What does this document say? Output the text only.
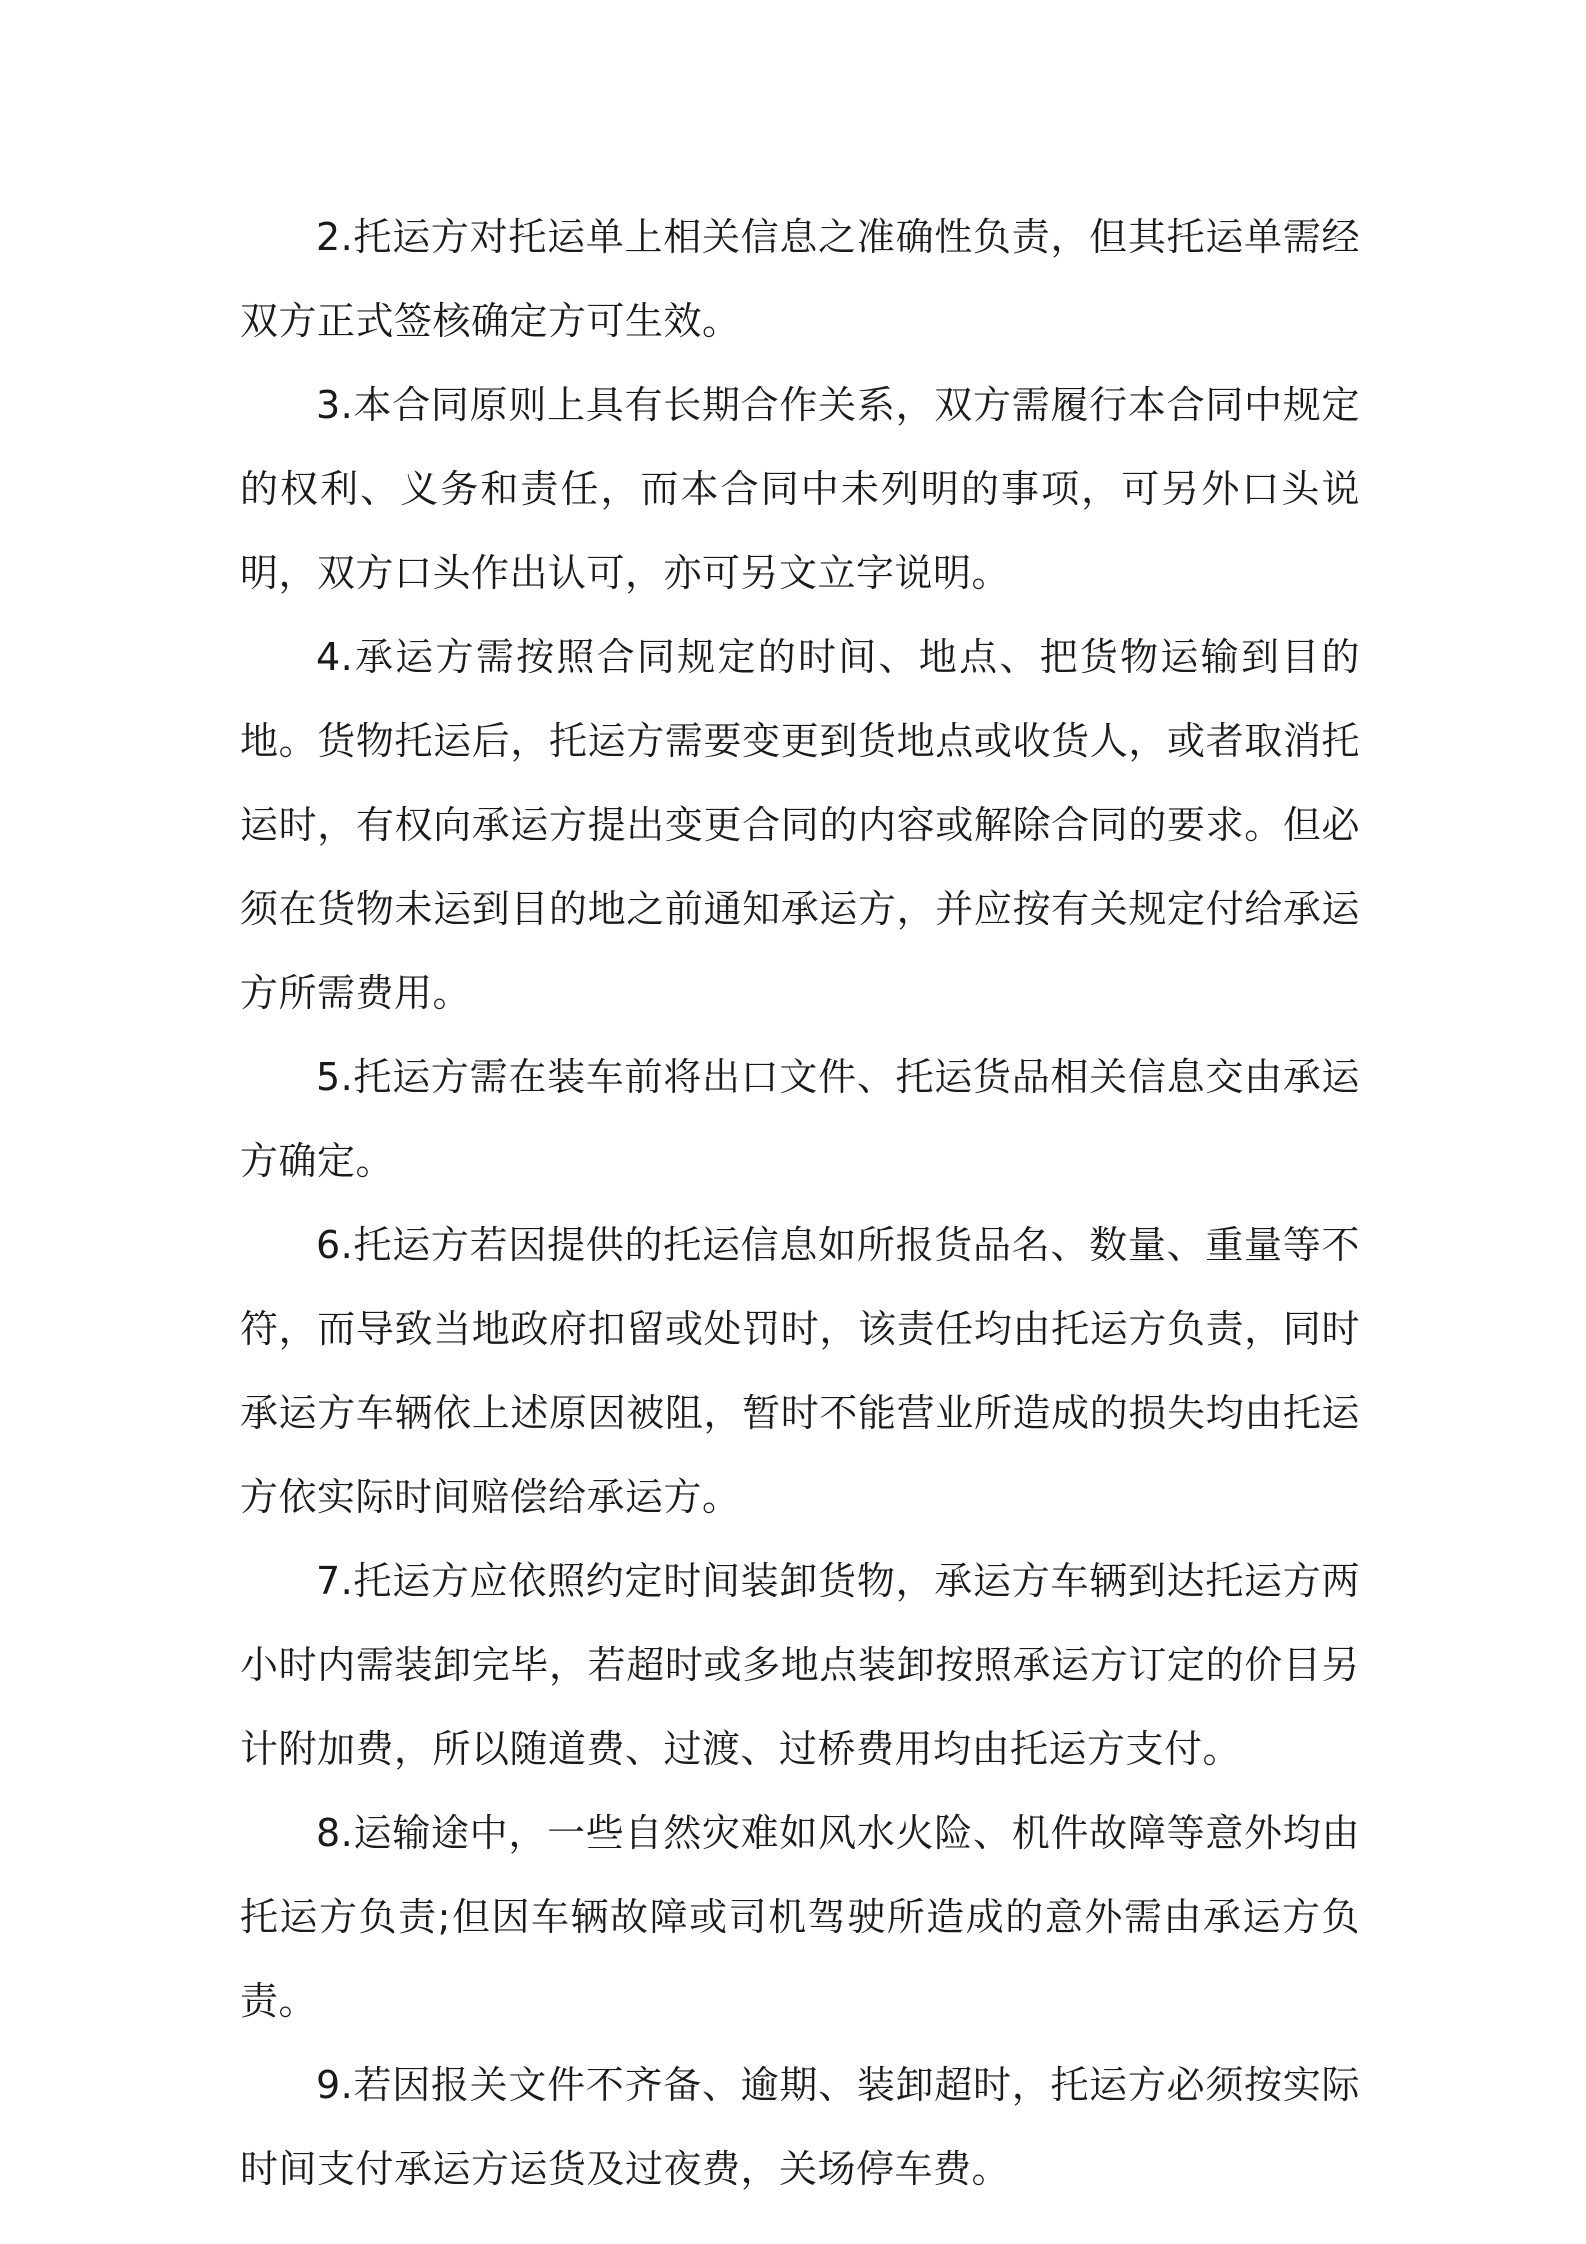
2.托运方对托运单上相关信息之准确性负责，但其托运单需经双方正式签核确定方可生效。

3.本合同原则上具有长期合作关系，双方需履行本合同中规定的权利、义务和责任，而本合同中未列明的事项，可另外口头说明，双方口头作出认可，亦可另文立字说明。

4.承运方需按照合同规定的时间、地点、把货物运输到目的地。货物托运后，托运方需要变更到货地点或收货人，或者取消托运时，有权向承运方提出变更合同的内容或解除合同的要求。但必须在货物未运到目的地之前通知承运方，并应按有关规定付给承运方所需费用。

5.托运方需在装车前将出口文件、托运货品相关信息交由承运方确定。

6.托运方若因提供的托运信息如所报货品名、数量、重量等不符，而导致当地政府扣留或处罚时，该责任均由托运方负责，同时承运方车辆依上述原因被阻，暂时不能营业所造成的损失均由托运方依实际时间赔偿给承运方。

7.托运方应依照约定时间装卸货物，承运方车辆到达托运方两小时内需装卸完毕，若超时或多地点装卸按照承运方订定的价目另计附加费，所以随道费、过渡、过桥费用均由托运方支付。

8.运输途中，一些自然灾难如风水火险、机件故障等意外均由托运方负责;但因车辆故障或司机驾驶所造成的意外需由承运方负责。

9.若因报关文件不齐备、逾期、装卸超时，托运方必须按实际时间支付承运方运货及过夜费，关场停车费。
